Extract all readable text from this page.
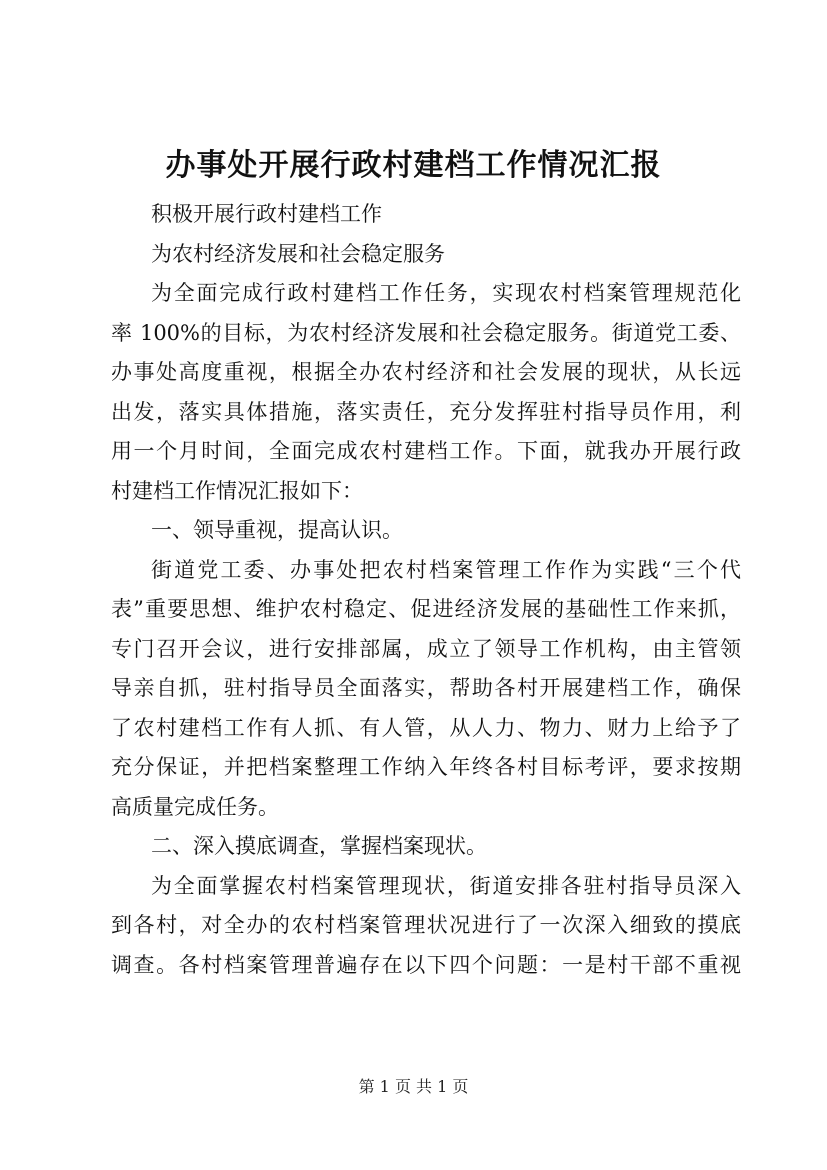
办事处开展行政村建档工作情况汇报
积极开展行政村建档工作
为农村经济发展和社会稳定服务
为全面完成行政村建档工作任务，实现农村档案管理规范化
率 100%的目标，为农村经济发展和社会稳定服务。街道党工委、
办事处高度重视，根据全办农村经济和社会发展的现状，从长远
出发，落实具体措施，落实责任，充分发挥驻村指导员作用，利
用一个月时间，全面完成农村建档工作。下面，就我办开展行政
村建档工作情况汇报如下：
一、领导重视，提高认识。
街道党工委、办事处把农村档案管理工作作为实践“三个代
表”重要思想、维护农村稳定、促进经济发展的基础性工作来抓，
专门召开会议，进行安排部属，成立了领导工作机构，由主管领
导亲自抓，驻村指导员全面落实，帮助各村开展建档工作，确保
了农村建档工作有人抓、有人管，从人力、物力、财力上给予了
充分保证，并把档案整理工作纳入年终各村目标考评，要求按期
高质量完成任务。
二、深入摸底调查，掌握档案现状。
为全面掌握农村档案管理现状，街道安排各驻村指导员深入
到各村，对全办的农村档案管理状况进行了一次深入细致的摸底
调查。各村档案管理普遍存在以下四个问题：一是村干部不重视
第 1 页 共 1 页
